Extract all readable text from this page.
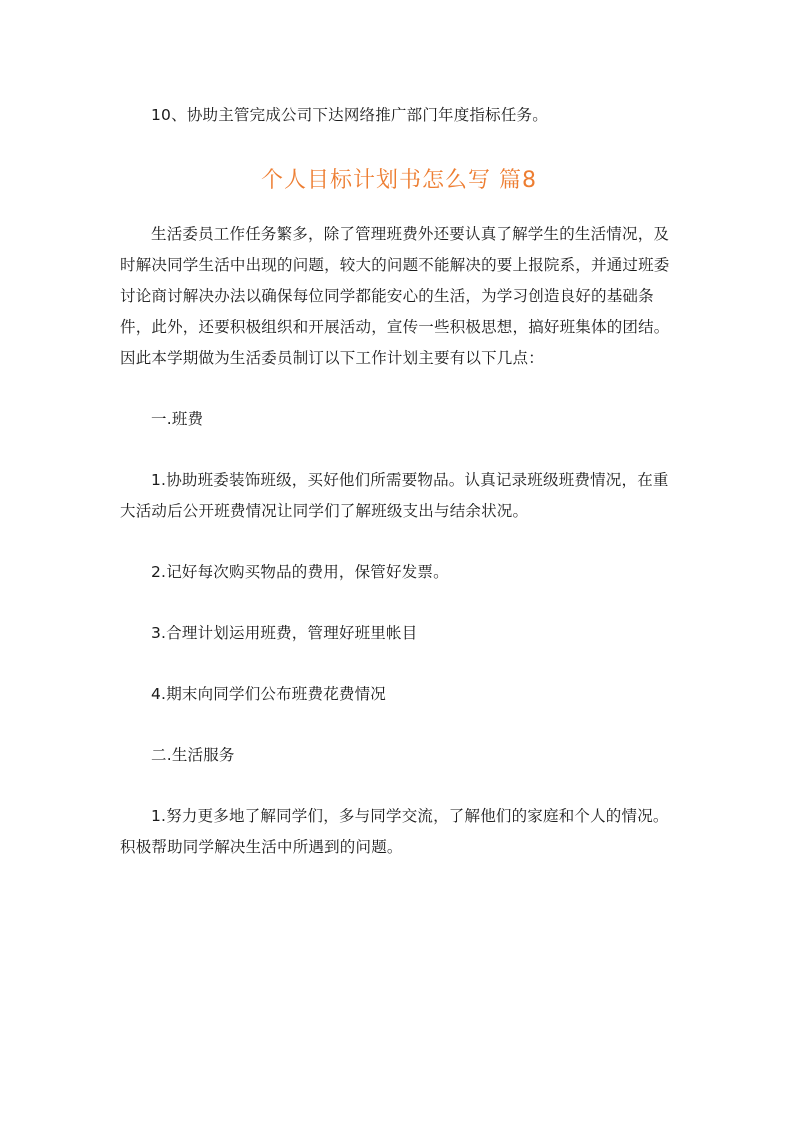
10、协助主管完成公司下达网络推广部门年度指标任务。

个人目标计划书怎么写 篇8

生活委员工作任务繁多，除了管理班费外还要认真了解学生的生活情况，及时解决同学生活中出现的问题，较大的问题不能解决的要上报院系，并通过班委讨论商讨解决办法以确保每位同学都能安心的生活，为学习创造良好的基础条件，此外，还要积极组织和开展活动，宣传一些积极思想，搞好班集体的团结。因此本学期做为生活委员制订以下工作计划主要有以下几点：

一.班费

1.协助班委装饰班级，买好他们所需要物品。认真记录班级班费情况，在重大活动后公开班费情况让同学们了解班级支出与结余状况。

2.记好每次购买物品的费用，保管好发票。

3.合理计划运用班费，管理好班里帐目

4.期末向同学们公布班费花费情况

二.生活服务

1.努力更多地了解同学们，多与同学交流，了解他们的家庭和个人的情况。积极帮助同学解决生活中所遇到的问题。
